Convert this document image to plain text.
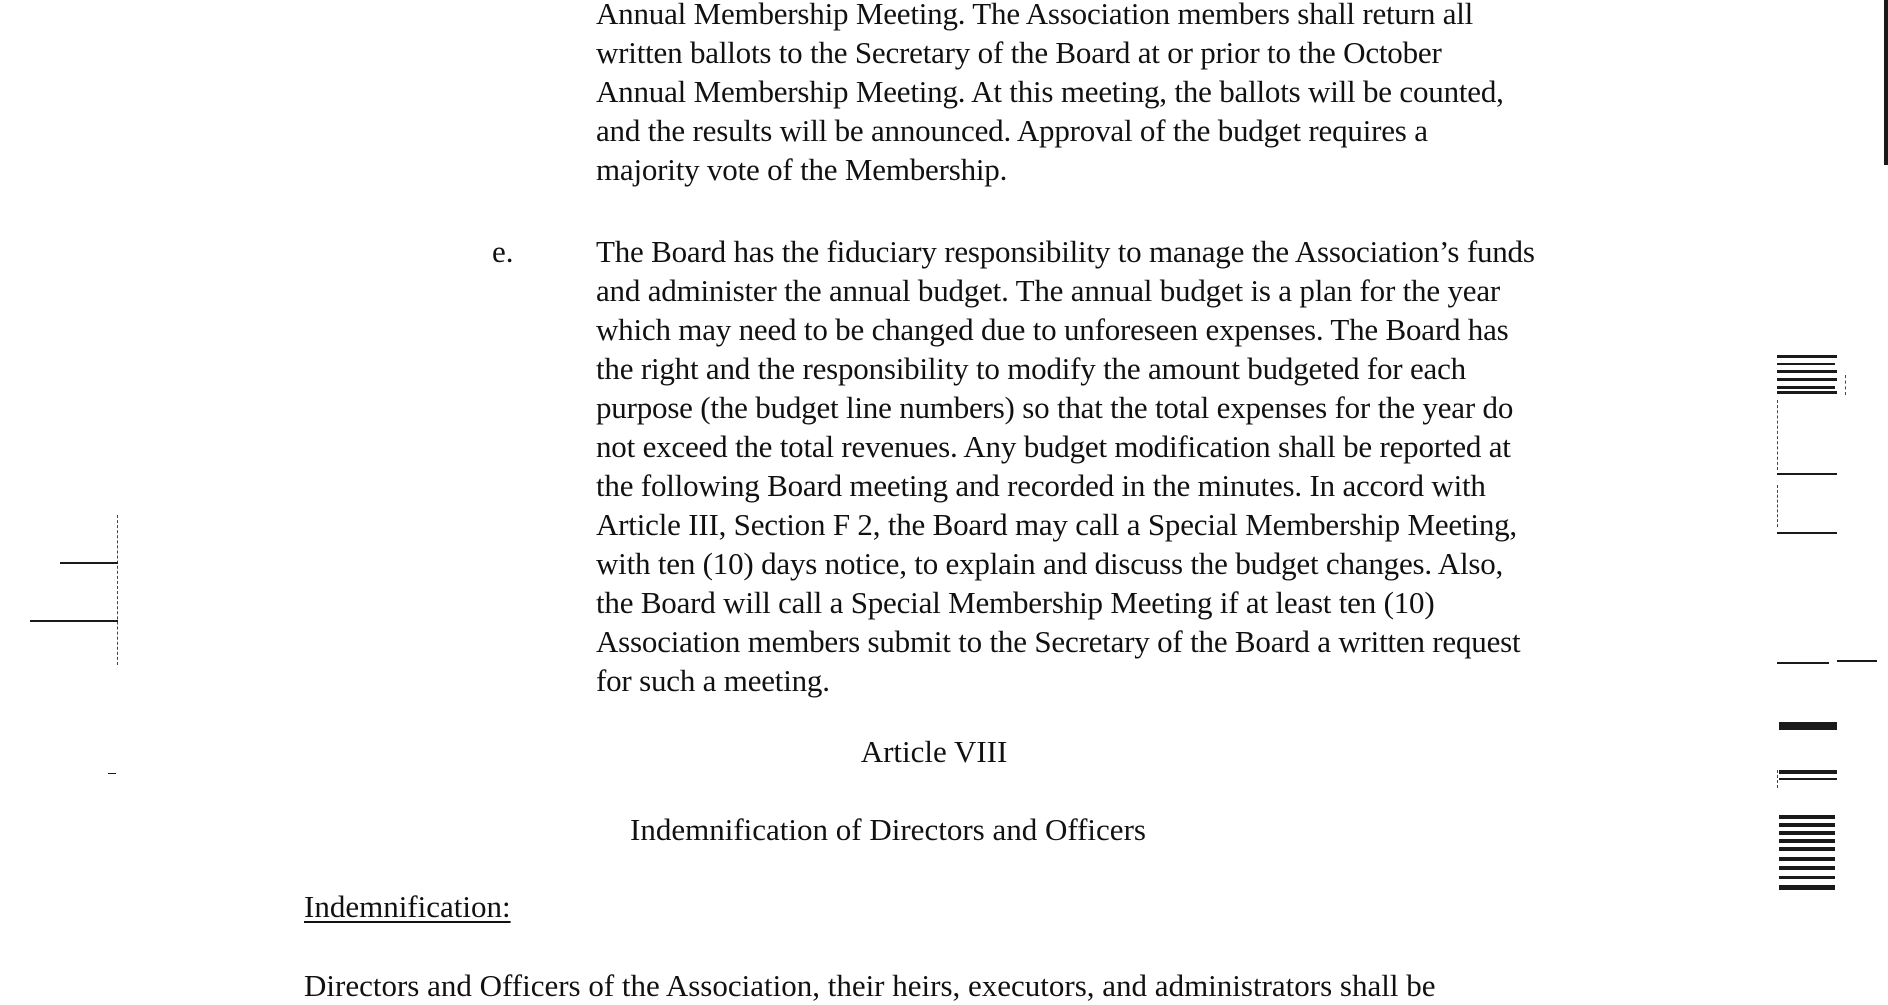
Annual Membership Meeting. The Association members shall return all
written ballots to the Secretary of the Board at or prior to the October
Annual Membership Meeting. At this meeting, the ballots will be counted,
and the results will be announced. Approval of the budget requires a
majority vote of the Membership.
e.	The Board has the fiduciary responsibility to manage the Association’s funds
and administer the annual budget. The annual budget is a plan for the year
which may need to be changed due to unforeseen expenses. The Board has
the right and the responsibility to modify the amount budgeted for each
purpose (the budget line numbers) so that the total expenses for the year do
not exceed the total revenues. Any budget modification shall be reported at
the following Board meeting and recorded in the minutes. In accord with
Article III, Section F 2, the Board may call a Special Membership Meeting,
with ten (10) days notice, to explain and discuss the budget changes. Also,
the Board will call a Special Membership Meeting if at least ten (10)
Association members submit to the Secretary of the Board a written request
for such a meeting.
Article VIII
Indemnification of Directors and Officers
Indemnification:
Directors and Officers of the Association, their heirs, executors, and administrators shall be
